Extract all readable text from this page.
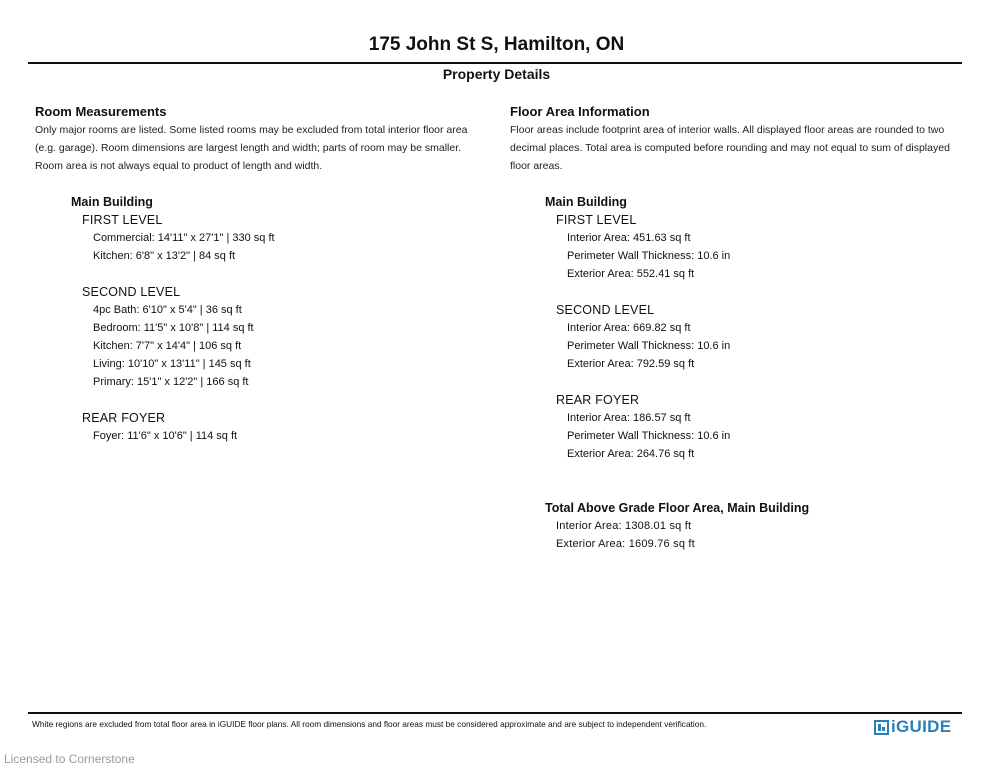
175 John St S, Hamilton, ON
Property Details

Room Measurements

Only major rooms are listed. Some listed rooms may be excluded from total interior floor area (e.g. garage). Room dimensions are largest length and width; parts of room may be smaller. Room area is not always equal to product of length and width.

Main Building
FIRST LEVEL
Commercial: 14'11" x 27'1" | 330 sq ft
Kitchen: 6'8" x 13'2" | 84 sq ft
SECOND LEVEL
4pc Bath: 6'10" x 5'4" | 36 sq ft
Bedroom: 11'5" x 10'8" | 114 sq ft
Kitchen: 7'7" x 14'4" | 106 sq ft
Living: 10'10" x 13'11" | 145 sq ft
Primary: 15'1" x 12'2" | 166 sq ft
REAR FOYER
Foyer: 11'6" x 10'6" | 114 sq ft

Floor Area Information

Floor areas include footprint area of interior walls. All displayed floor areas are rounded to two decimal places. Total area is computed before rounding and may not equal to sum of displayed floor areas.

Main Building
FIRST LEVEL
Interior Area: 451.63 sq ft
Perimeter Wall Thickness: 10.6 in
Exterior Area: 552.41 sq ft
SECOND LEVEL
Interior Area: 669.82 sq ft
Perimeter Wall Thickness: 10.6 in
Exterior Area: 792.59 sq ft
REAR FOYER
Interior Area: 186.57 sq ft
Perimeter Wall Thickness: 10.6 in
Exterior Area: 264.76 sq ft
Total Above Grade Floor Area, Main Building
Interior Area: 1308.01 sq ft
Exterior Area: 1609.76 sq ft
White regions are excluded from total floor area in iGUIDE floor plans. All room dimensions and floor areas must be considered approximate and are subject to independent verification.	iGUIDE
Licensed to Cornerstone
